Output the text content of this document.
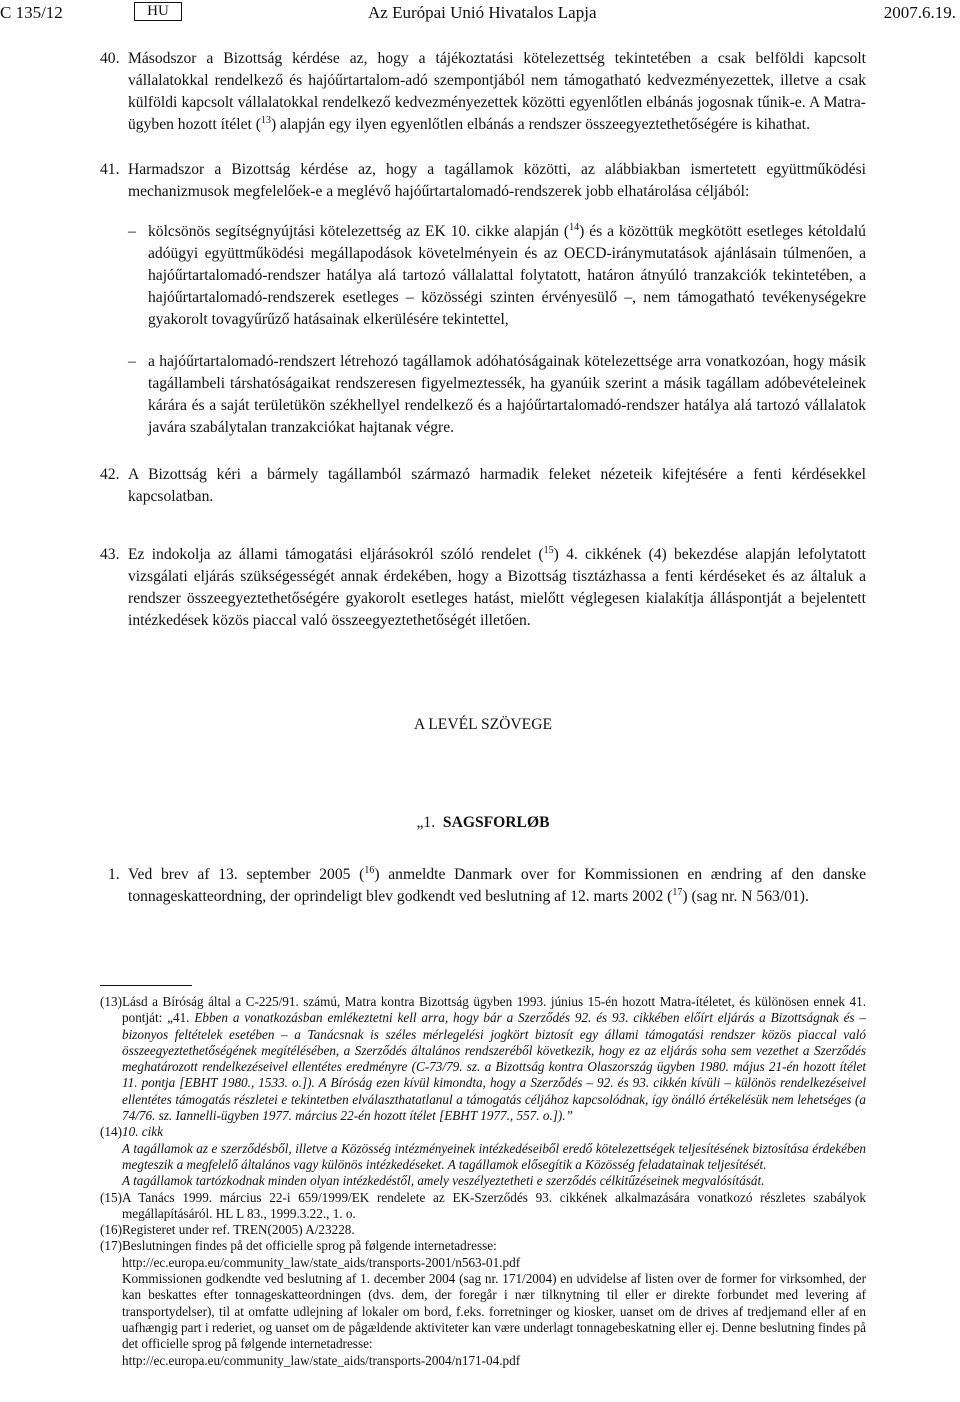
C 135/12	HU	Az Európai Unió Hivatalos Lapja	2007.6.19.
40. Másodszor a Bizottság kérdése az, hogy a tájékoztatási kötelezettség tekintetében a csak belföldi kapcsolt vállalatokkal rendelkező és hajóűrtartalom-adó szempontjából nem támogatható kedvezményezettek, illetve a csak külföldi kapcsolt vállalatokkal rendelkező kedvezményezettek közötti egyenlőtlen elbánás jogosnak tűnik-e. A Matra-ügyben hozott ítélet ($^{13}$) alapján egy ilyen egyenlőtlen elbánás a rendszer összeegyeztethetőségére is kihathat.
41. Harmadszor a Bizottság kérdése az, hogy a tagállamok közötti, az alábbiakban ismertetett együttműködési mechanizmusok megfelelőek-e a meglévő hajóűrtartalomadó-rendszerek jobb elhatárolása céljából:
– kölcsönös segítségnyújtási kötelezettség az EK 10. cikke alapján ($^{14}$) és a közöttük megkötött esetleges kétoldalú adóügyi együttműködési megállapodások követelményein és az OECD-iránymutatások ajánlásain túlmenően, a hajóűrtartalomadó-rendszer hatálya alá tartozó vállalattal folytatott, határon átnyúló tranzakciók tekintetében, a hajóűrtartalomadó-rendszerek esetleges – közösségi szinten érvényesülő –, nem támogatható tevékenységekre gyakorolt tovagyűrűző hatásainak elkerülésére tekintettel,
– a hajóűrtartalomadó-rendszert létrehozó tagállamok adóhatóságainak kötelezettsége arra vonatkozóan, hogy másik tagállambeli társhatóságaikat rendszeresen figyelmeztessék, ha gyanúik szerint a másik tagállam adóbevételeinek kárára és a saját területükön székhellyel rendelkező és a hajóűrtartalomadó-rendszer hatálya alá tartozó vállalatok javára szabálytalan tranzakciókat hajtanak végre.
42. A Bizottság kéri a bármely tagállamból származó harmadik feleket nézeteik kifejtésére a fenti kérdésekkel kapcsolatban.
43. Ez indokolja az állami támogatási eljárásokról szóló rendelet ($^{15}$) 4. cikkének (4) bekezdése alapján lefolytatott vizsgálati eljárás szükségességét annak érdekében, hogy a Bizottság tisztázhassa a fenti kérdéseket és az általuk a rendszer összeegyeztethetőségére gyakorolt esetleges hatást, mielőtt véglegesen kialakítja álláspontját a bejelentett intézkedések közös piaccal való összeegyeztethetőségét illetően.
A LEVÉL SZÖVEGE
„1. SAGSFORLØB
1. Ved brev af 13. september 2005 ($^{16}$) anmeldte Danmark over for Kommissionen en ændring af den danske tonnageskatteordning, der oprindeligt blev godkendt ved beslutning af 12. marts 2002 ($^{17}$) (sag nr. N 563/01).
(13) Lásd a Bíróság által a C-225/91. számú, Matra kontra Bizottság ügyben 1993. június 15-én hozott Matra-ítéletet, és különösen ennek 41. pontját: „41. Ebben a vonatkozásban emlékeztetni kell arra, hogy bár a Szerződés 92. és 93. cikkében előírt eljárás a Bizottságnak és – bizonyos feltételek esetében – a Tanácsnak is széles mérlegelési jogkört biztosít egy állami támogatási rendszer közös piaccal való összeegyeztethetőségének megítélésében, a Szerződés általános rendszeréből következik, hogy ez az eljárás soha sem vezethet a Szerződés meghatározott rendelkezéseivel ellentétes eredményre (C-73/79. sz. a Bizottság kontra Olaszország ügyben 1980. május 21-én hozott ítélet 11. pontja [EBHT 1980., 1533. o.]). A Bíróság ezen kívül kimondta, hogy a Szerződés – 92. és 93. cikkén kívüli – különös rendelkezéseivel ellentétes támogatás részletei e tekintetben elválaszthatatlanul a támogatás céljához kapcsolódnak, így önálló értékelésük nem lehetséges (a 74/76. sz. Iannelli-ügyben 1977. március 22-én hozott ítélet [EBHT 1977., 557. o.]).”
(14) 10. cikk
A tagállamok az e szerződésből, illetve a Közösség intézményeinek intézkedéseiből eredő kötelezettségek teljesítésének biztosítása érdekében megteszik a megfelelő általános vagy különös intézkedéseket. A tagállamok elősegítik a Közösség feladatainak teljesítését.
A tagállamok tartózkodnak minden olyan intézkedéstől, amely veszélyeztetheti e szerződés célkitűzéseinek megvalósítását.
(15) A Tanács 1999. március 22-i 659/1999/EK rendelete az EK-Szerződés 93. cikkének alkalmazására vonatkozó részletes szabályok megállapításáról. HL L 83., 1999.3.22., 1. o.
(16) Registeret under ref. TREN(2005) A/23228.
(17) Beslutningen findes på det officielle sprog på følgende internetadresse:
http://ec.europa.eu/community_law/state_aids/transports-2001/n563-01.pdf
Kommissionen godkendte ved beslutning af 1. december 2004 (sag nr. 171/2004) en udvidelse af listen over de former for virksomhed, der kan beskattes efter tonnageskatteordningen (dvs. dem, der foregår i nær tilknytning til eller er direkte forbundet med levering af transportydelser), til at omfatte udlejning af lokaler om bord, f.eks. forretninger og kiosker, uanset om de drives af tredjemand eller af en uafhængig part i rederiet, og uanset om de pågældende aktiviteter kan være underlagt tonnagebeskatning eller ej. Denne beslutning findes på det officielle sprog på følgende internetadresse:
http://ec.europa.eu/community_law/state_aids/transports-2004/n171-04.pdf
